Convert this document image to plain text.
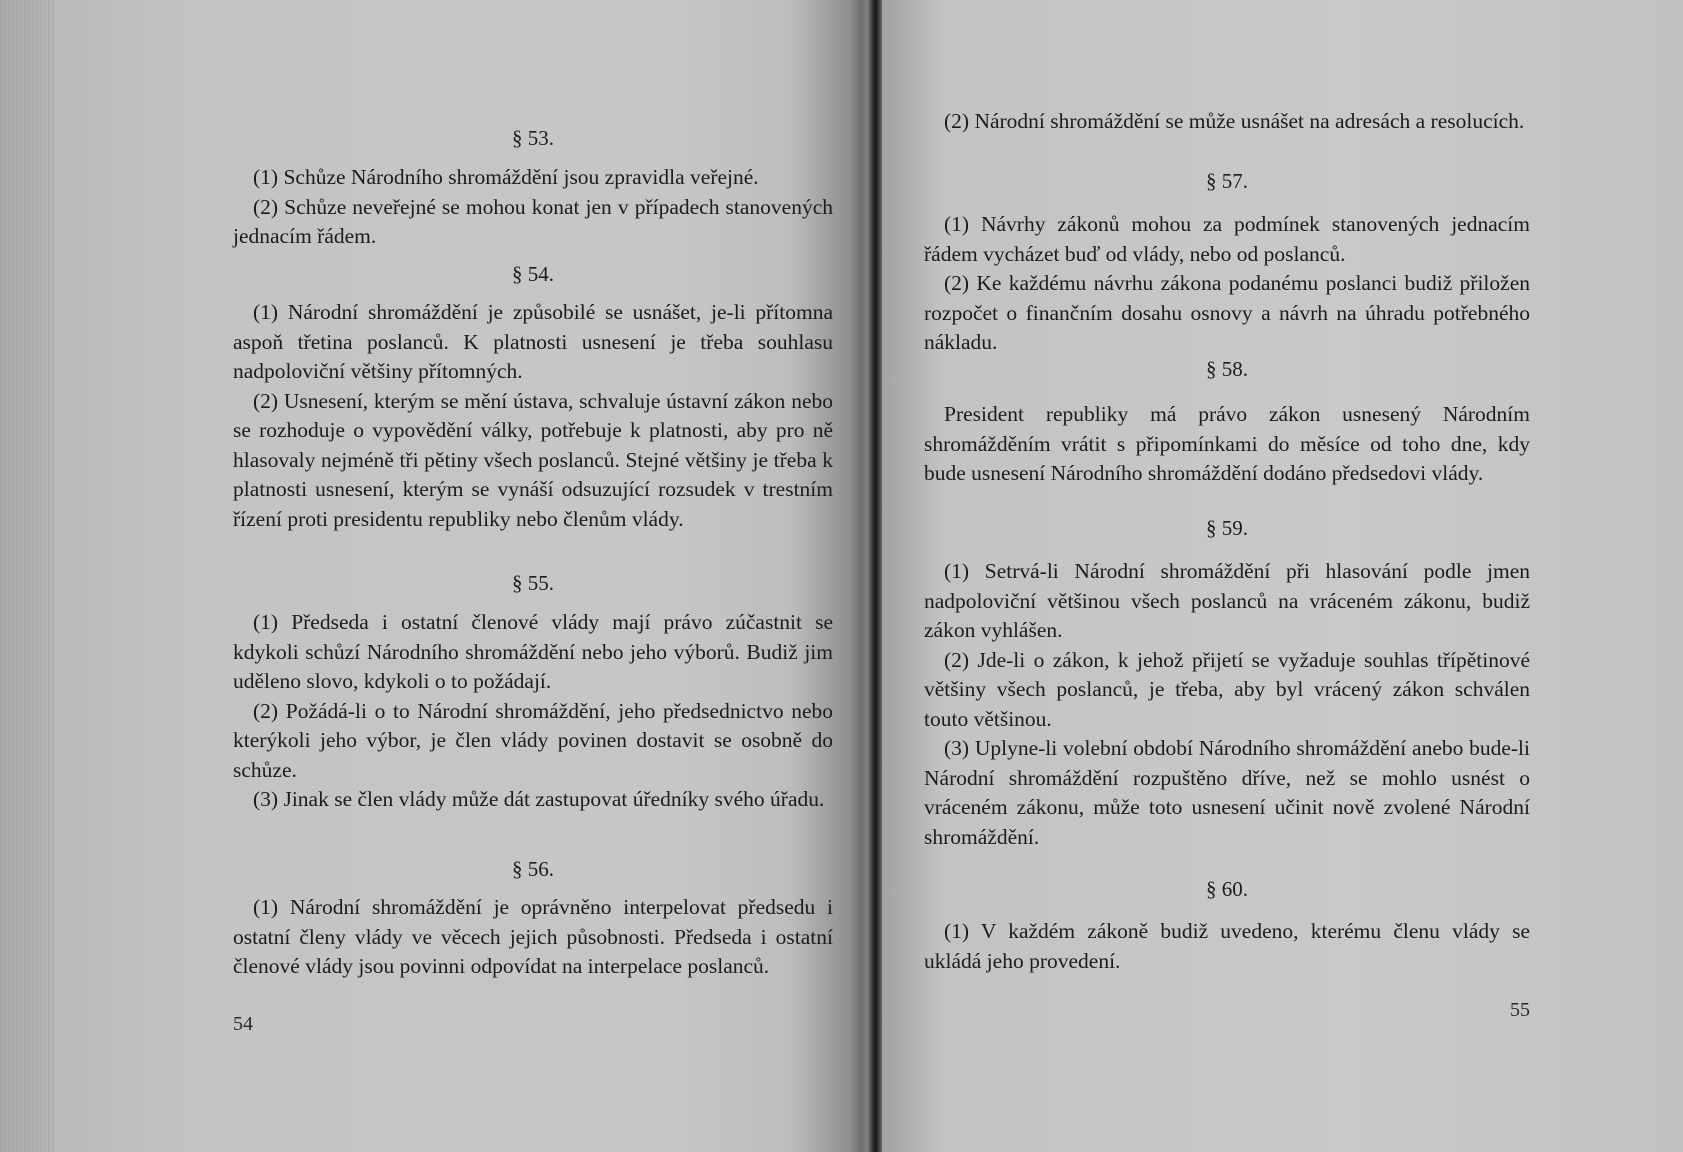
§ 53.

(1) Schůze Národního shromáždění jsou zpravidla veřejné.

(2) Schůze neveřejné se mohou konat jen v případech stanovených jednacím řádem.

§ 54.

(1) Národní shromáždění je způsobilé se usnášet, je-li přítomna aspoň třetina poslanců. K platnosti usnesení je třeba souhlasu nadpoloviční většiny přítomných.

(2) Usnesení, kterým se mění ústava, schvaluje ústavní zákon nebo se rozhoduje o vypovědění války, potřebuje k platnosti, aby pro ně hlasovaly nejméně tři pětiny všech poslanců. Stejné většiny je třeba k platnosti usnesení, kterým se vynáší odsuzující rozsudek v trestním řízení proti presidentu republiky nebo členům vlády.

§ 55.

(1) Předseda i ostatní členové vlády mají právo zúčastnit se kdykoli schůzí Národního shromáždění nebo jeho výborů. Budiž jim uděleno slovo, kdykoli o to požádají.

(2) Požádá-li o to Národní shromáždění, jeho předsednictvo nebo kterýkoli jeho výbor, je člen vlády povinen dostavit se osobně do schůze.

(3) Jinak se člen vlády může dát zastupovat úředníky svého úřadu.

§ 56.

(1) Národní shromáždění je oprávněno interpelovat předsedu i ostatní členy vlády ve věcech jejich působnosti. Předseda i ostatní členové vlády jsou povinni odpovídat na interpelace poslanců.

54

(2) Národní shromáždění se může usnášet na adresách a resolucích.

§ 57.

(1) Návrhy zákonů mohou za podmínek stanovených jednacím řádem vycházet buď od vlády, nebo od poslanců.

(2) Ke každému návrhu zákona podanému poslanci budiž přiložen rozpočet o finančním dosahu osnovy a návrh na úhradu potřebného nákladu.

§ 58.

President republiky má právo zákon usnesený Národním shromážděním vrátit s připomínkami do měsíce od toho dne, kdy bude usnesení Národního shromáždění dodáno předsedovi vlády.

§ 59.

(1) Setrvá-li Národní shromáždění při hlasování podle jmen nadpoloviční většinou všech poslanců na vráceném zákonu, budiž zákon vyhlášen.

(2) Jde-li o zákon, k jehož přijetí se vyžaduje souhlas třípětinové většiny všech poslanců, je třeba, aby byl vrácený zákon schválen touto většinou.

(3) Uplyne-li volební období Národního shromáždění anebo bude-li Národní shromáždění rozpuštěno dříve, než se mohlo usnést o vráceném zákonu, může toto usnesení učinit nově zvolené Národní shromáždění.

§ 60.

(1) V každém zákoně budiž uvedeno, kterému členu vlády se ukládá jeho provedení.

55
